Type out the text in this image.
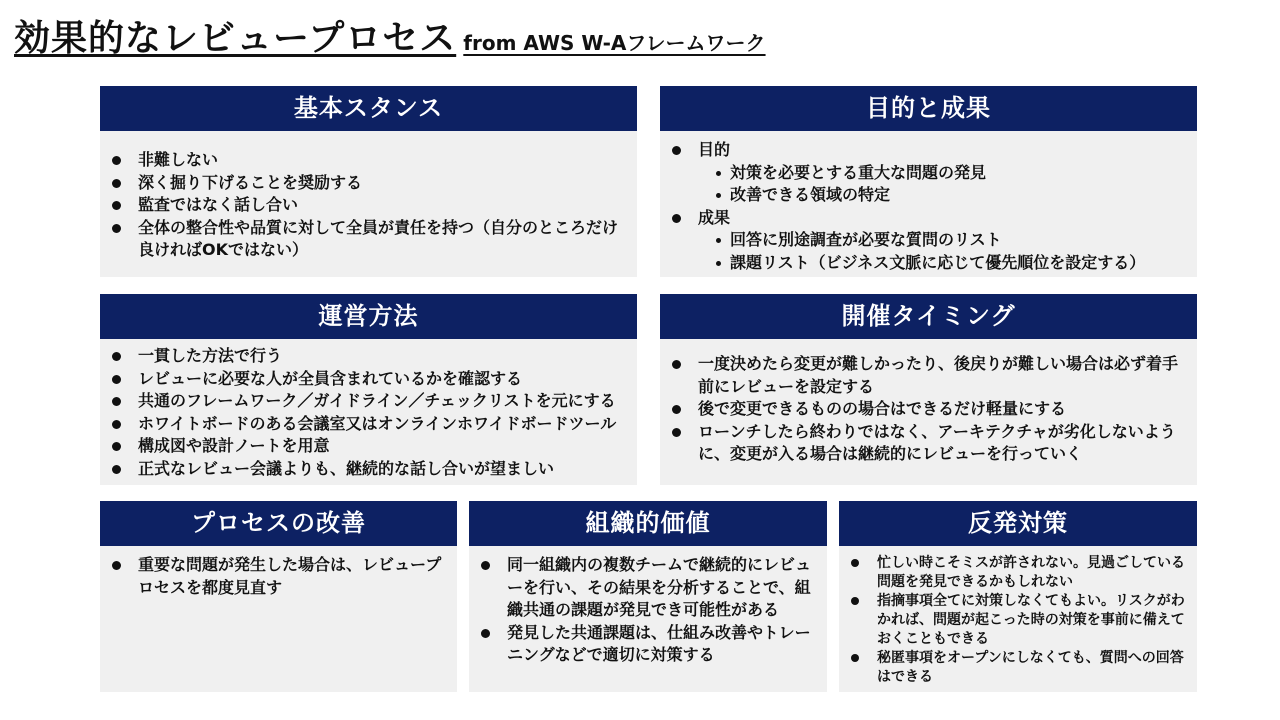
効果的なレビュープロセス from AWS W-Aフレームワーク
基本スタンス
非難しない
深く掘り下げることを奨励する
監査ではなく話し合い
全体の整合性や品質に対して全員が責任を持つ（自分のところだけ良ければOKではない）
目的と成果
目的
対策を必要とする重大な問題の発見
改善できる領域の特定
成果
回答に別途調査が必要な質問のリスト
課題リスト（ビジネス文脈に応じて優先順位を設定する）
運営方法
一貫した方法で行う
レビューに必要な人が全員含まれているかを確認する
共通のフレームワーク／ガイドライン／チェックリストを元にする
ホワイトボードのある会議室又はオンラインホワイドボードツール
構成図や設計ノートを用意
正式なレビュー会議よりも、継続的な話し合いが望ましい
開催タイミング
一度決めたら変更が難しかったり、後戻りが難しい場合は必ず着手前にレビューを設定する
後で変更できるものの場合はできるだけ軽量にする
ローンチしたら終わりではなく、アーキテクチャが劣化しないように、変更が入る場合は継続的にレビューを行っていく
プロセスの改善
重要な問題が発生した場合は、レビュープロセスを都度見直す
組織的価値
同一組織内の複数チームで継続的にレビューを行い、その結果を分析することで、組織共通の課題が発見でき可能性がある
発見した共通課題は、仕組み改善やトレーニングなどで適切に対策する
反発対策
忙しい時こそミスが許されない。見過ごしている問題を発見できるかもしれない
指摘事項全てに対策しなくてもよい。リスクがわかれば、問題が起こった時の対策を事前に備えておくこともできる
秘匿事項をオープンにしなくても、質問への回答はできる
